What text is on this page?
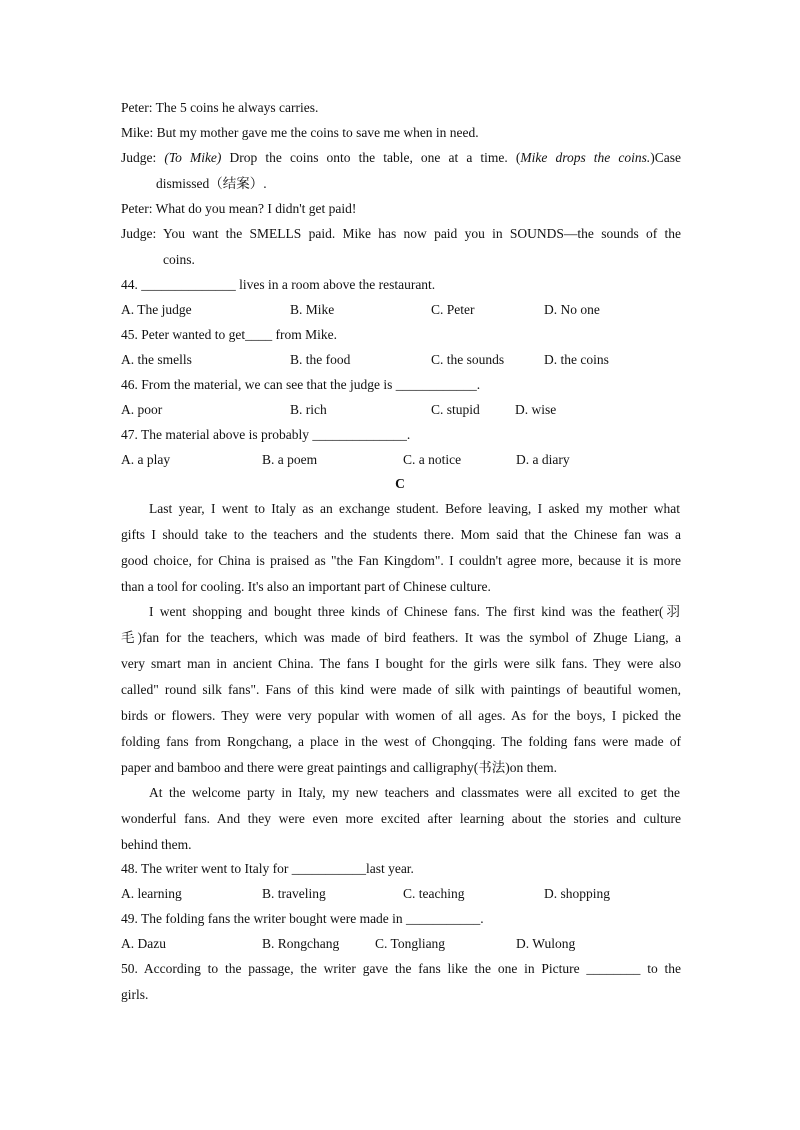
Peter: The 5 coins he always carries.
Mike: But my mother gave me the coins to save me when in need.
Judge: (To Mike) Drop the coins onto the table, one at a time. (Mike drops the coins.)Case
dismissed（结案）.
Peter: What do you mean? I didn't get paid!
Judge: You want the SMELLS paid. Mike has now paid you in SOUNDS—the sounds of the
coins.
44. ______________ lives in a room above the restaurant.
A. The judge	B. Mike	C. Peter	D. No one
45. Peter wanted to get____ from Mike.
A. the smells	B. the food	C. the sounds	D. the coins
46. From the material, we can see that the judge is ____________.
A. poor	B. rich	C. stupid	D. wise
47. The material above is probably ______________.
A. a play	B. a poem	C. a notice	D. a diary
C
Last year, I went to Italy as an exchange student. Before leaving, I asked my mother what
gifts I should take to the teachers and the students there. Mom said that the Chinese fan was a
good choice, for China is praised as "the Fan Kingdom". I couldn't agree more, because it is more
than a tool for cooling. It's also an important part of Chinese culture.
I went shopping and bought three kinds of Chinese fans. The first kind was the feather(羽
毛)fan for the teachers, which was made of bird feathers. It was the symbol of Zhuge Liang, a
very smart man in ancient China. The fans I bought for the girls were silk fans. They were also
called" round silk fans". Fans of this kind were made of silk with paintings of beautiful women,
birds or flowers. They were very popular with women of all ages. As for the boys, I picked the
folding fans from Rongchang, a place in the west of Chongqing. The folding fans were made of
paper and bamboo and there were great paintings and calligraphy(书法)on them.
At the welcome party in Italy, my new teachers and classmates were all excited to get the
wonderful fans. And they were even more excited after learning about the stories and culture
behind them.
48. The writer went to Italy for ___________last year.
A. learning	B. traveling	C. teaching	D. shopping
49. The folding fans the writer bought were made in ___________.
A. Dazu	B. Rongchang	C. Tongliang	D. Wulong
50. According to the passage, the writer gave the fans like the one in Picture ________ to the
girls.
